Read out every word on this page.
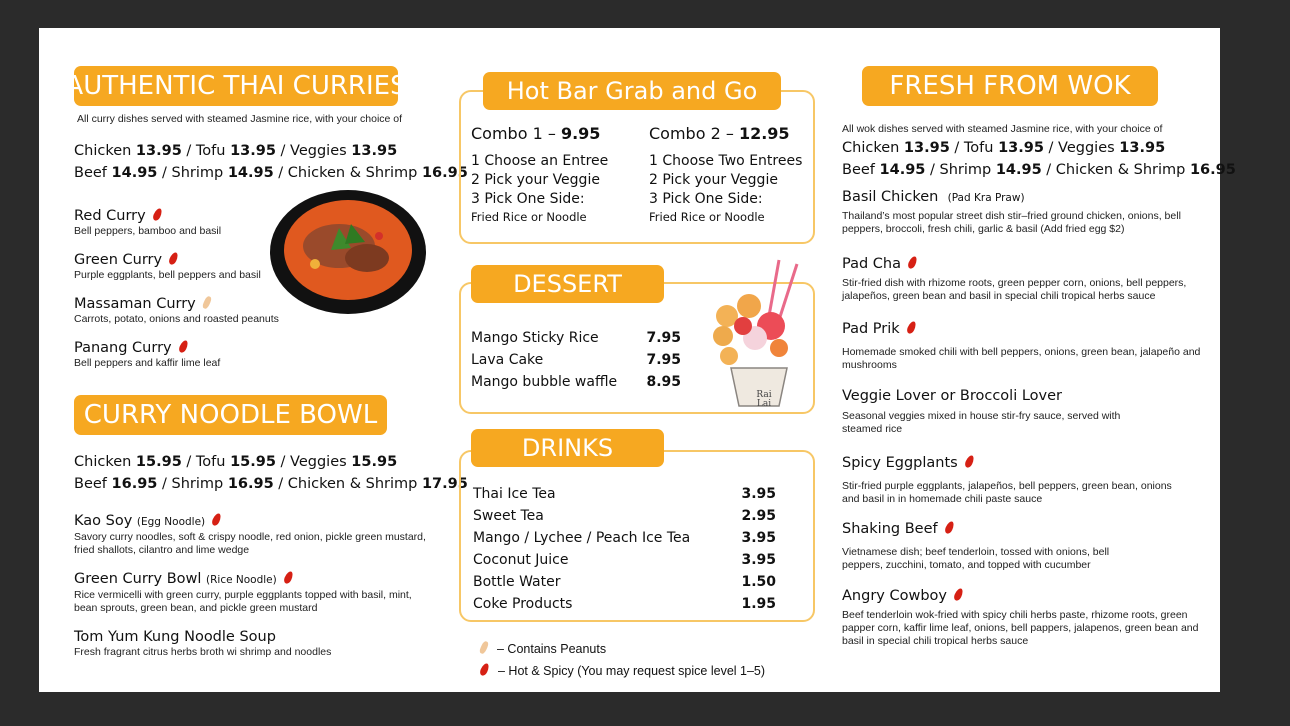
AUTHENTIC THAI CURRIES
All curry dishes served with steamed Jasmine rice, with your choice of
Chicken 13.95 / Tofu 13.95 / Veggies 13.95
Beef 14.95 / Shrimp 14.95 / Chicken & Shrimp 16.95
Red Curry
Bell peppers, bamboo and basil
Green Curry
Purple eggplants, bell peppers and basil
Massaman Curry
Carrots, potato, onions and roasted peanuts
Panang Curry
Bell peppers and kaffir lime leaf
CURRY NOODLE BOWL
Chicken 15.95 / Tofu 15.95 / Veggies 15.95
Beef 16.95 / Shrimp 16.95 / Chicken & Shrimp 17.95
Kao Soy (Egg Noodle)
Savory curry noodles, soft & crispy noodle, red onion, pickle green mustard, fried shallots, cilantro and lime wedge
Green Curry Bowl (Rice Noodle)
Rice vermicelli with green curry, purple eggplants topped with basil, mint, bean sprouts, green bean, and pickle green mustard
Tom Yum Kung Noodle Soup
Fresh fragrant citrus herbs broth wi shrimp and noodles
Hot Bar Grab and Go
Combo 1 – 9.95
1 Choose an Entree
2 Pick your Veggie
3 Pick One Side:
Fried Rice or Noodle
Combo 2 – 12.95
1 Choose Two Entrees
2 Pick your Veggie
3 Pick One Side:
Fried Rice or Noodle
DESSERT
Mango Sticky Rice	7.95
Lava Cake	7.95
Mango bubble waffle 8.95
Rai Lai
DRINKS
Thai Ice Tea	3.95
Sweet Tea	2.95
Mango / Lychee / Peach Ice Tea	3.95
Coconut Juice	3.95
Bottle Water	1.50
Coke Products	1.95
– Contains Peanuts
– Hot & Spicy (You may request spice level 1–5)
FRESH FROM WOK
All wok dishes served with steamed Jasmine rice, with your choice of
Chicken 13.95 / Tofu 13.95 / Veggies 13.95
Beef 14.95 / Shrimp 14.95 / Chicken & Shrimp 16.95
Basil Chicken (Pad Kra Praw)
Thailand’s most popular street dish stir–fried ground chicken, onions, bell peppers, broccoli, fresh chili, garlic & basil (Add fried egg $2)
Pad Cha
Stir-fried dish with rhizome roots, green pepper corn, onions, bell peppers, jalapeños, green bean and basil in special chili tropical herbs sauce
Pad Prik
Homemade smoked chili with bell peppers, onions, green bean, jalapeño and mushrooms
Veggie Lover or Broccoli Lover
Seasonal veggies mixed in house stir-fry sauce, served with steamed rice
Spicy Eggplants
Stir-fried purple eggplants, jalapeños, bell peppers, green bean, onions and basil in in homemade chili paste sauce
Shaking Beef
Vietnamese dish; beef tenderloin, tossed with onions, bell peppers, zucchini, tomato, and topped with cucumber
Angry Cowboy
Beef tenderloin wok-fried with spicy chili herbs paste, rhizome roots, green papper corn, kaffir lime leaf, onions, bell pappers, jalapenos, green bean and basil in special chili tropical herbs sauce
